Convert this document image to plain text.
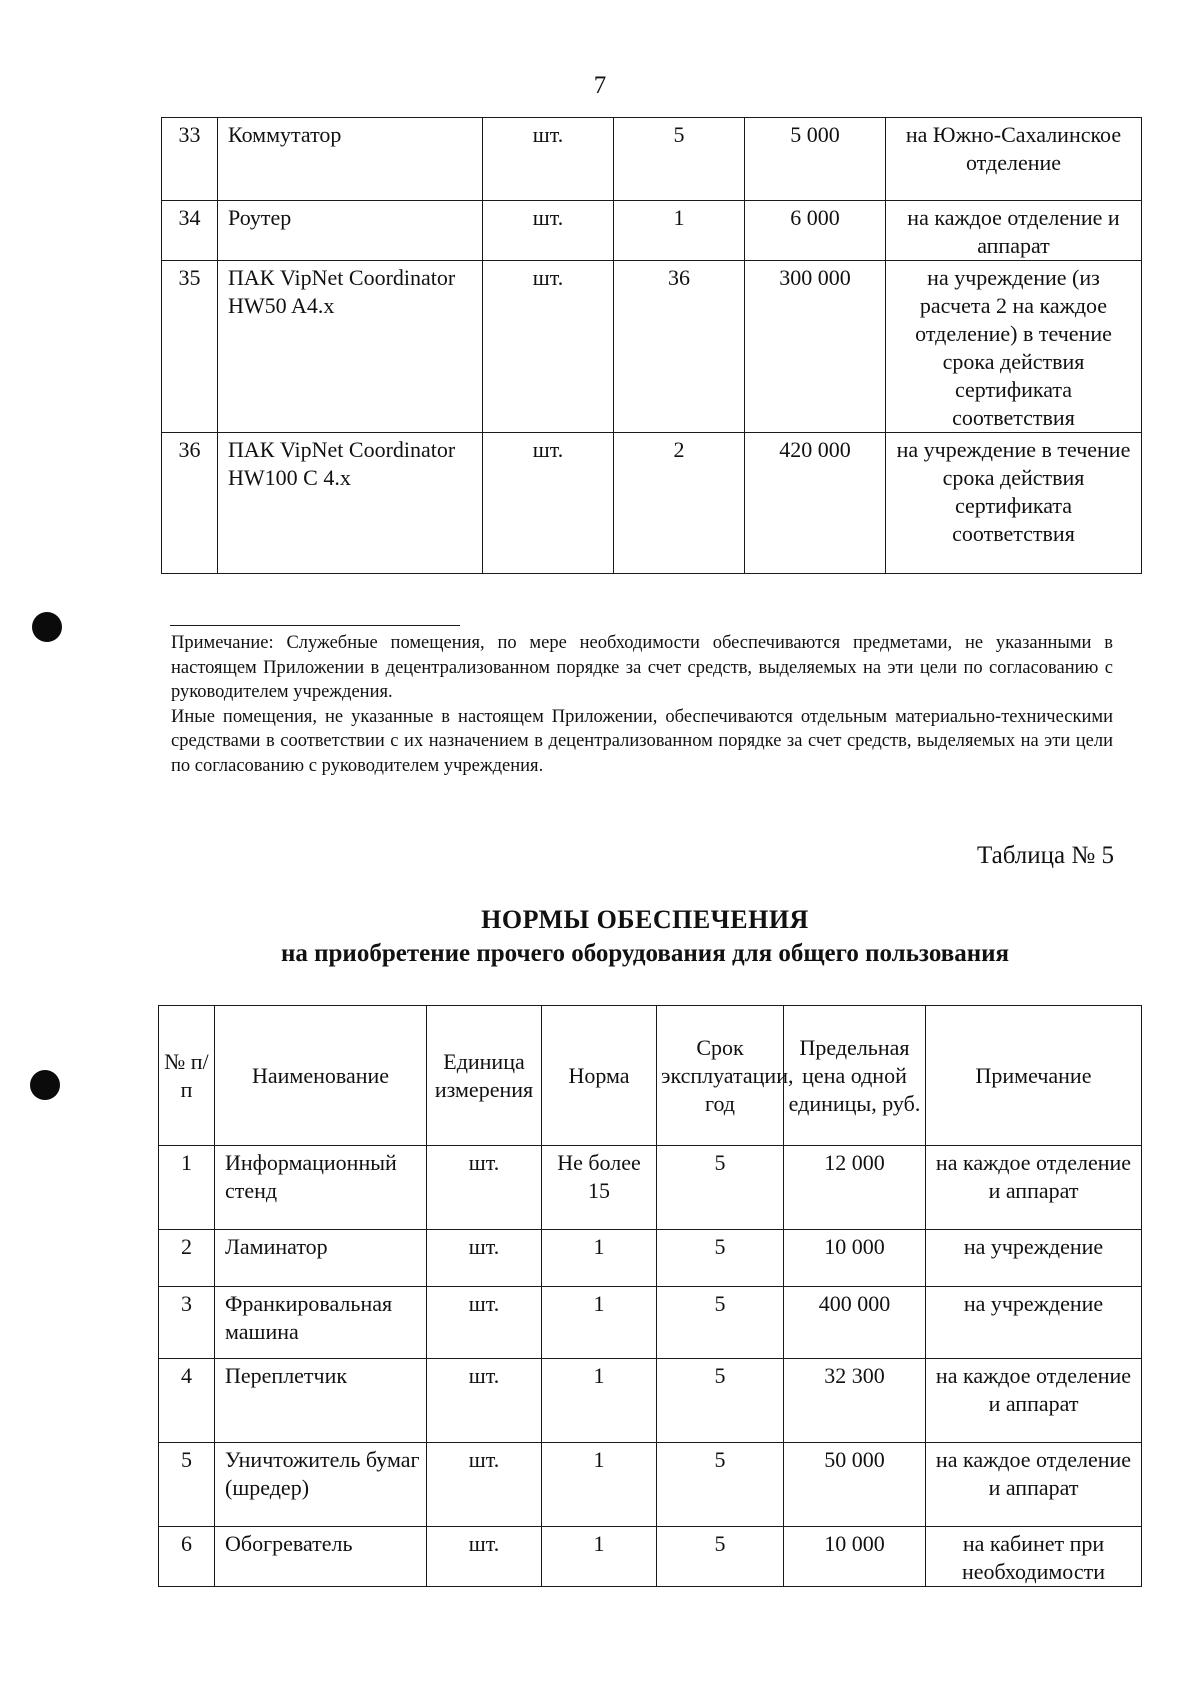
7
33	Коммутатор	шт.	5	5 000	на Южно-Сахалинское отделение
34	Роутер	шт.	1	6 000	на каждое отделение и аппарат
35	ПАК VipNet Coordinator HW50 A4.x	шт.	36	300 000	на учреждение (из расчета 2 на каждое отделение) в течение срока действия сертификата соответствия
36	ПАК VipNet Coordinator HW100 C 4.x	шт.	2	420 000	на учреждение в течение срока действия сертификата соответствия

Примечание: Служебные помещения, по мере необходимости обеспечиваются предметами, не указанными в настоящем Приложении в децентрализованном порядке за счет средств, выделяемых на эти цели по согласованию с руководителем учреждения.

Иные помещения, не указанные в настоящем Приложении, обеспечиваются отдельным материально-техническими средствами в соответствии с их назначением в децентрализованном порядке за счет средств, выделяемых на эти цели по согласованию с руководителем учреждения.

Таблица № 5
НОРМЫ ОБЕСПЕЧЕНИЯ
на приобретение прочего оборудования для общего пользования
№ п/п	Наименование	Единица измерения	Норма	Срок эксплуатации, год	Предельная цена одной единицы, руб.	Примечание
1	Информационный стенд	шт.	Не более 15	5	12 000	на каждое отделение и аппарат
2	Ламинатор	шт.	1	5	10 000	на учреждение
3	Франкировальная машина	шт.	1	5	400 000	на учреждение
4	Переплетчик	шт.	1	5	32 300	на каждое отделение и аппарат
5	Уничтожитель бумаг (шредер)	шт.	1	5	50 000	на каждое отделение и аппарат
6	Обогреватель	шт.	1	5	10 000	на кабинет при необходимости
